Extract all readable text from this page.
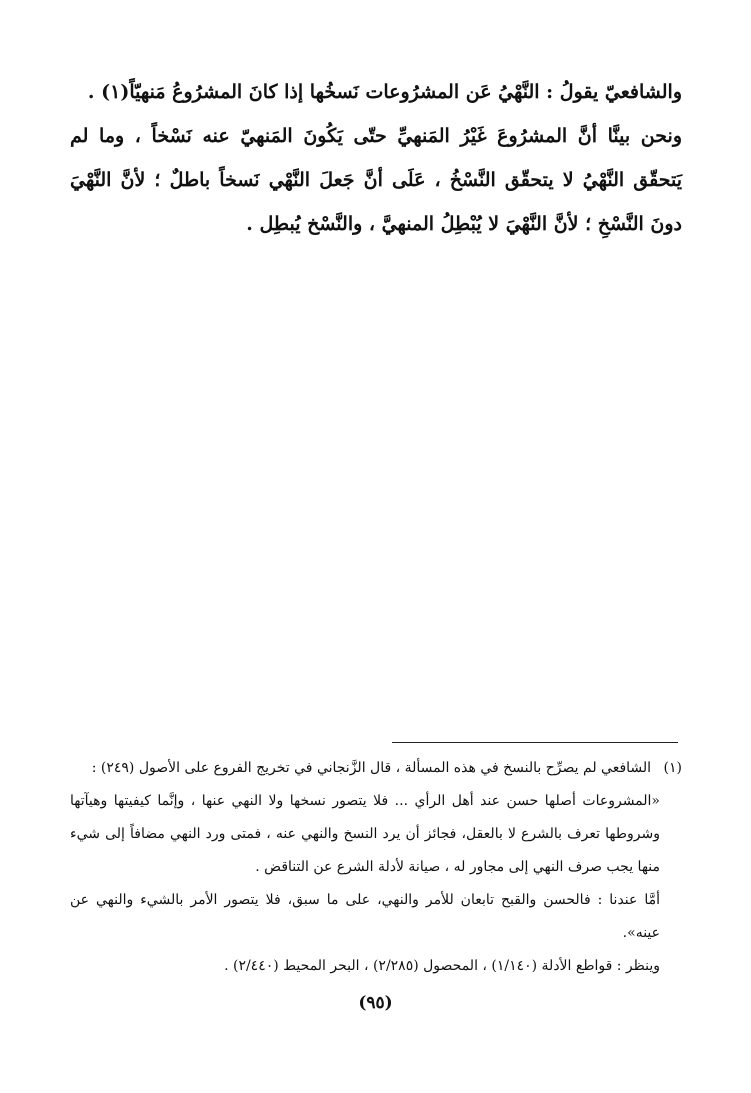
والشافعيّ يقولُ : النَّهْيُ عَن المشرُوعات نَسخُها إذا كانَ المشرُوعُ مَنهيّاً(١) .

ونحن بينَّا أنَّ المشرُوعَ غَيْرُ المَنهيِّ حتّى يَكُونَ المَنهيّ عنه نَسْخاً ، وما لم يَتحقّق النَّهْيُ لا يتحقّق النَّسْخُ ، عَلَى أنَّ جَعلَ النَّهْي نَسخاً باطلٌ ؛ لأنَّ النَّهْيَ دونَ النَّسْخِ ؛ لأنَّ النَّهْيَ لا يُبْطِلُ المنهيَّ ، والنَّسْخ يُبطِل .

(١) الشافعي لم يصرِّح بالنسخ في هذه المسألة ، قال الزَّنجاني في تخريج الفروع على الأصول (٢٤٩) :

«المشروعات أصلها حسن عند أهل الرأي ... فلا يتصور نسخها ولا النهي عنها ، وإنَّما كيفيتها وهيآتها وشروطها تعرف بالشرع لا بالعقل، فجائز أن يرد النسخ والنهي عنه ، فمتى ورد النهي مضافاً إلى شيء منها يجب صرف النهي إلى مجاور له ، صيانة لأدلة الشرع عن التناقض .

أمَّا عندنا : فالحسن والقبح تابعان للأمر والنهي، على ما سبق، فلا يتصور الأمر بالشيء والنهي عن عينه».

وينظر : قواطع الأدلة (١/١٤٠) ، المحصول (٢/٢٨٥) ، البحر المحيط (٢/٤٤٠) .

(٩٥)
